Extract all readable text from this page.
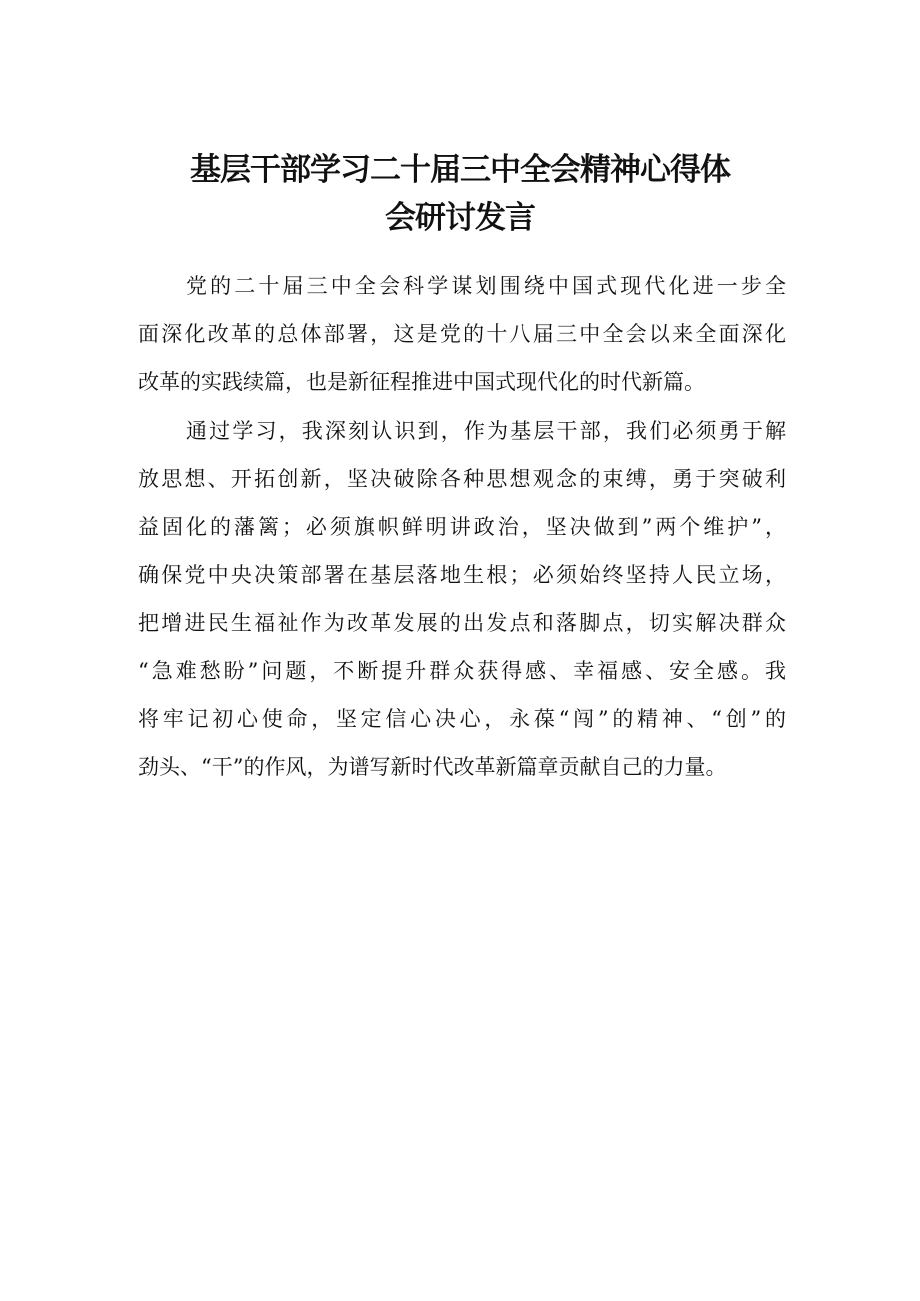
基层干部学习二十届三中全会精神心得体
会研讨发言
党的二十届三中全会科学谋划围绕中国式现代化进一步全
面深化改革的总体部署，这是党的十八届三中全会以来全面深化
改革的实践续篇，也是新征程推进中国式现代化的时代新篇。
通过学习，我深刻认识到，作为基层干部，我们必须勇于解
放思想、开拓创新，坚决破除各种思想观念的束缚，勇于突破利
益固化的藩篱；必须旗帜鲜明讲政治，坚决做到”两个维护”，
确保党中央决策部署在基层落地生根；必须始终坚持人民立场，
把增进民生福祉作为改革发展的出发点和落脚点，切实解决群众
“急难愁盼”问题，不断提升群众获得感、幸福感、安全感。我
将牢记初心使命，坚定信心决心，永葆“闯”的精神、“创”的
劲头、“干”的作风，为谱写新时代改革新篇章贡献自己的力量。
